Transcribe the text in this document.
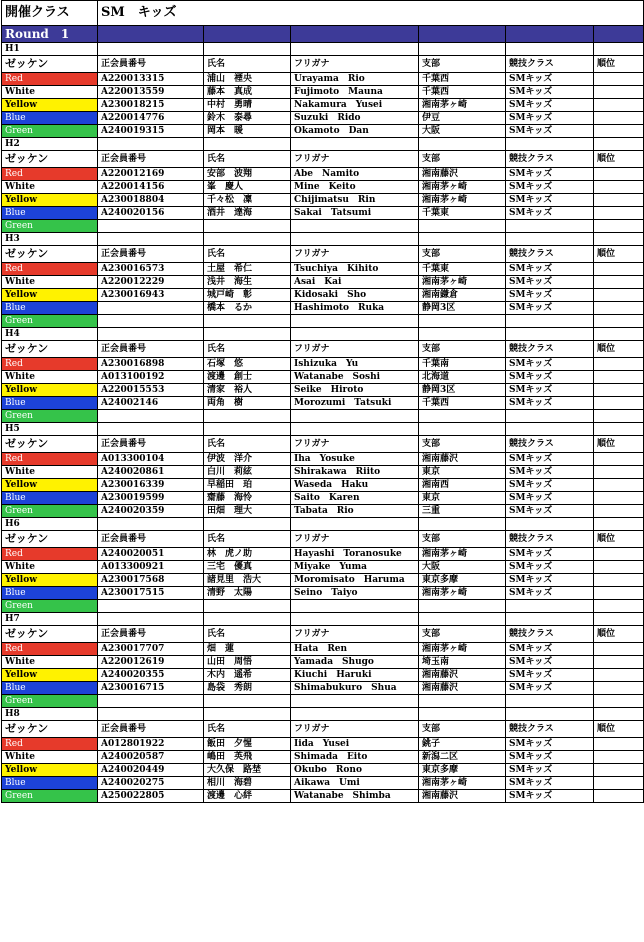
開催クラス	SM　キッズ					
Round　1						
H1						
ゼッケン	正会員番号	氏名	フリガナ	支部	競技クラス	順位
Red	A220013315	浦山　禋央	Urayama　Rio	千葉西	SMキッズ	
White	A220013559	藤本　真成	Fujimoto　Mauna	千葉西	SMキッズ	
Yellow	A230018215	中村　勇晴	Nakamura　Yusei	湘南茅ヶ崎	SMキッズ	
Blue	A220014776	鈴木　泰尋	Suzuki　Rido	伊豆	SMキッズ	
Green	A240019315	岡本　暖	Okamoto　Dan	大阪	SMキッズ	
H2						
ゼッケン	正会員番号	氏名	フリガナ	支部	競技クラス	順位
Red	A220012169	安部　波翔	Abe　Namito	湘南藤沢	SMキッズ	
White	A220014156	峯　慶人	Mine　Keito	湘南茅ヶ崎	SMキッズ	
Yellow	A230018804	千々松　凜	Chijimatsu　Rin	湘南茅ヶ崎	SMキッズ	
Blue	A240020156	酒井　達海	Sakai　Tatsumi	千葉東	SMキッズ	
Green						
H3						
ゼッケン	正会員番号	氏名	フリガナ	支部	競技クラス	順位
Red	A230016573	土屋　希仁	Tsuchiya　Kihito	千葉東	SMキッズ	
White	A220012229	浅井　海生	Asai　Kai	湘南茅ヶ崎	SMキッズ	
Yellow	A230016943	城戸崎　彰	Kidosaki　Sho	湘南鎌倉	SMキッズ	
Blue		橋本　るか	Hashimoto　Ruka	静岡3区	SMキッズ	
Green						
H4						
ゼッケン	正会員番号	氏名	フリガナ	支部	競技クラス	順位
Red	A230016898	石塚　悠	Ishizuka　Yu	千葉南	SMキッズ	
White	A013100192	渡邊　創士	Watanabe　Soshi	北海道	SMキッズ	
Yellow	A220015553	清家　裕人	Seike　Hiroto	静岡3区	SMキッズ	
Blue	A24002146	両角　樹	Morozumi　Tatsuki	千葉西	SMキッズ	
Green						
H5						
ゼッケン	正会員番号	氏名	フリガナ	支部	競技クラス	順位
Red	A013300104	伊波　洋介	Iha　Yosuke	湘南藤沢	SMキッズ	
White	A240020861	白川　莉絃	Shirakawa　Riito	東京	SMキッズ	
Yellow	A230016339	早稲田　珀	Waseda　Haku	湘南西	SMキッズ	
Blue	A230019599	齋藤　海怜	Saito　Karen	東京	SMキッズ	
Green	A240020359	田畑　理大	Tabata　Rio	三重	SMキッズ	
H6						
ゼッケン	正会員番号	氏名	フリガナ	支部	競技クラス	順位
Red	A240020051	林　虎ノ助	Hayashi　Toranosuke	湘南茅ヶ崎	SMキッズ	
White	A013300921	三宅　優真	Miyake　Yuma	大阪	SMキッズ	
Yellow	A230017568	諸見里　浩大	Moromisato　Haruma	東京多摩	SMキッズ	
Blue	A230017515	清野　太陽	Seino　Taiyo	湘南茅ヶ崎	SMキッズ	
Green						
H7						
ゼッケン	正会員番号	氏名	フリガナ	支部	競技クラス	順位
Red	A230017707	畑　蓮	Hata　Ren	湘南茅ヶ崎	SMキッズ	
White	A220012619	山田　周悟	Yamada　Shugo	埼玉南	SMキッズ	
Yellow	A240020355	木内　遥希	Kiuchi　Haruki	湘南藤沢	SMキッズ	
Blue	A230016715	島袋　秀朗	Shimabukuro　Shua	湘南藤沢	SMキッズ	
Green						
H8						
ゼッケン	正会員番号	氏名	フリガナ	支部	競技クラス	順位
Red	A012801922	飯田　夕惺	Iida　Yusei	銚子	SMキッズ	
White	A240020587	嶋田　英飛	Shimada　Eito	新潟二区	SMキッズ	
Yellow	A240020449	大久保　路埜	Okubo　Rono	東京多摩	SMキッズ	
Blue	A240020275	相川　海碧	Aikawa　Umi	湘南茅ヶ崎	SMキッズ	
Green	A250022805	渡邊　心絆	Watanabe　Shimba	湘南藤沢	SMキッズ	
